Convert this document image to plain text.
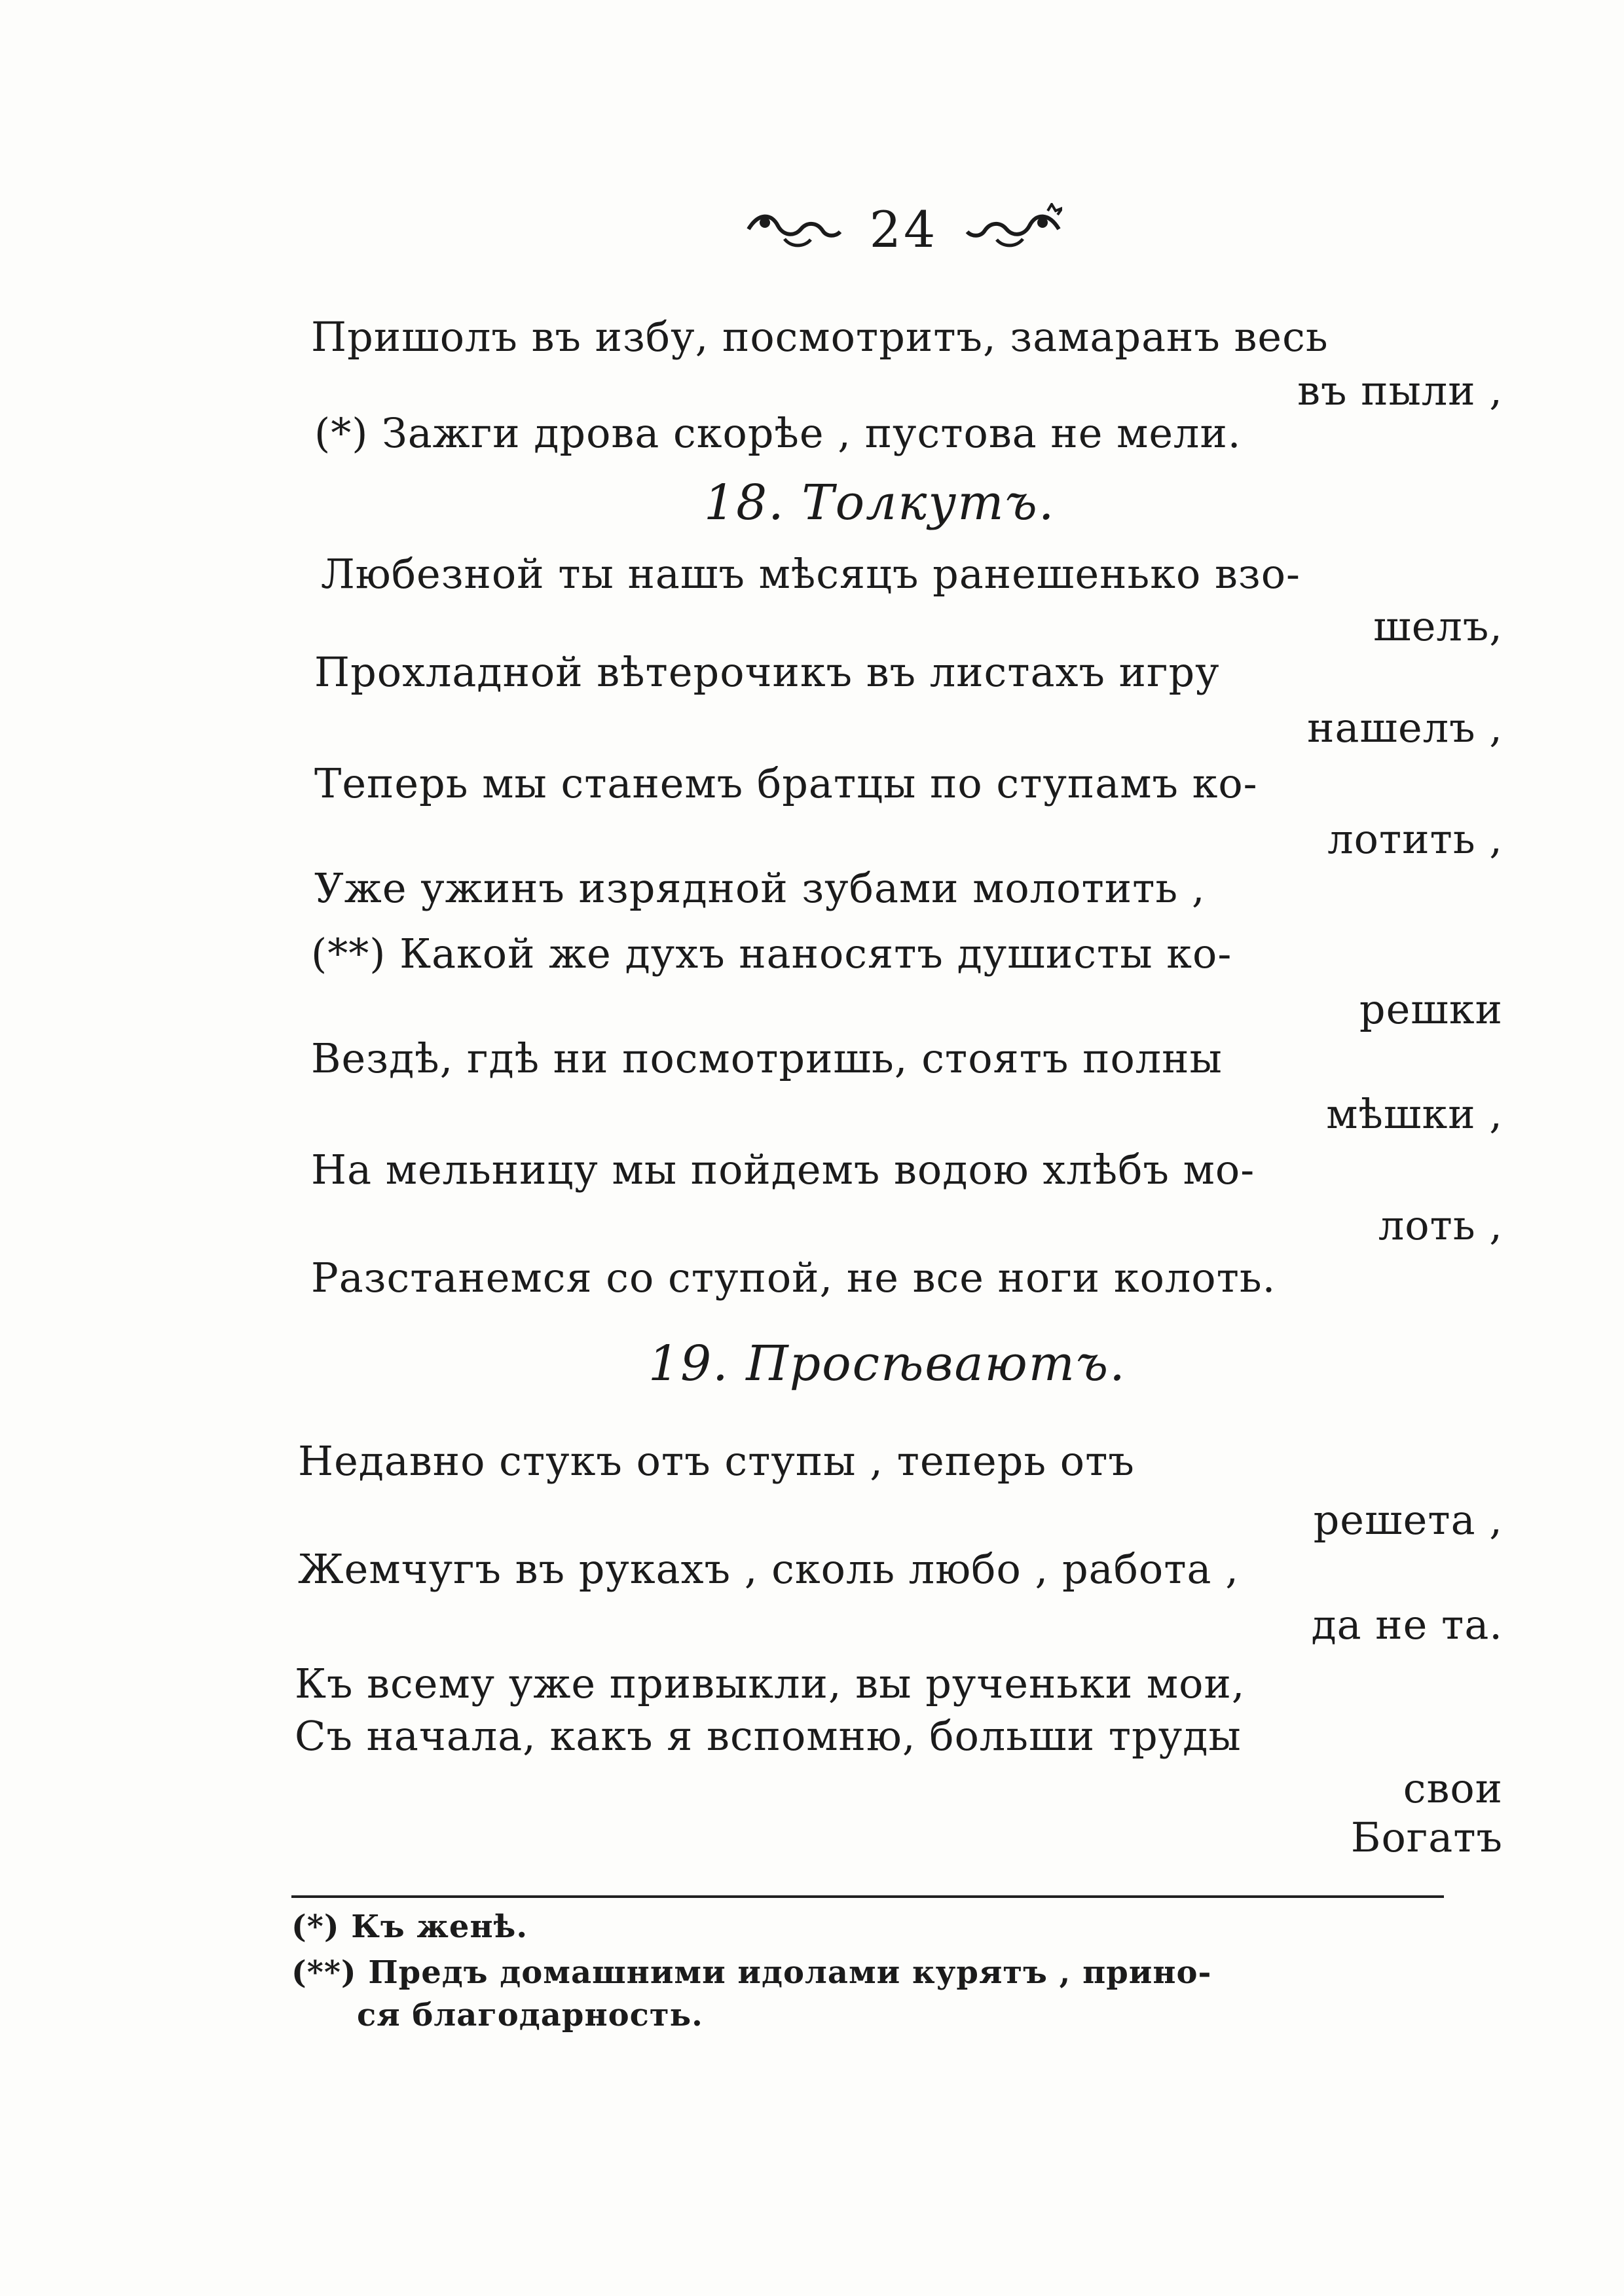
24
Пришолъ въ избу, посмотритъ, замаранъ весь
въ пыли ,
(*) Зажги дрова скорѣе , пустова не мели.
18. Толкутъ.
Любезной ты нашъ мѣсяцъ ранешенько взо-
шелъ,
Прохладной вѣтерочикъ въ листахъ игру
нашелъ ,
Теперь мы станемъ братцы по ступамъ ко-
лотить ,
Уже ужинъ изрядной зубами молотить ,
(**) Какой же духъ наносятъ душисты ко-
решки
Вездѣ, гдѣ ни посмотришь, стоятъ полны
мѣшки ,
На мельницу мы пойдемъ водою хлѣбъ мо-
лоть ,
Разстанемся со ступой, не все ноги колоть.
19. Просѣваютъ.
Недавно стукъ отъ ступы , теперь отъ
решета ,
Жемчугъ въ рукахъ , сколь любо , работа ,
да не та.
Къ всему уже привыкли, вы рученьки мои,
Съ начала, какъ я вспомню, больши труды
свои
Богатъ
(*) Къ женѣ.
(**) Предъ домашними идолами курятъ , прино-
ся благодарность.
